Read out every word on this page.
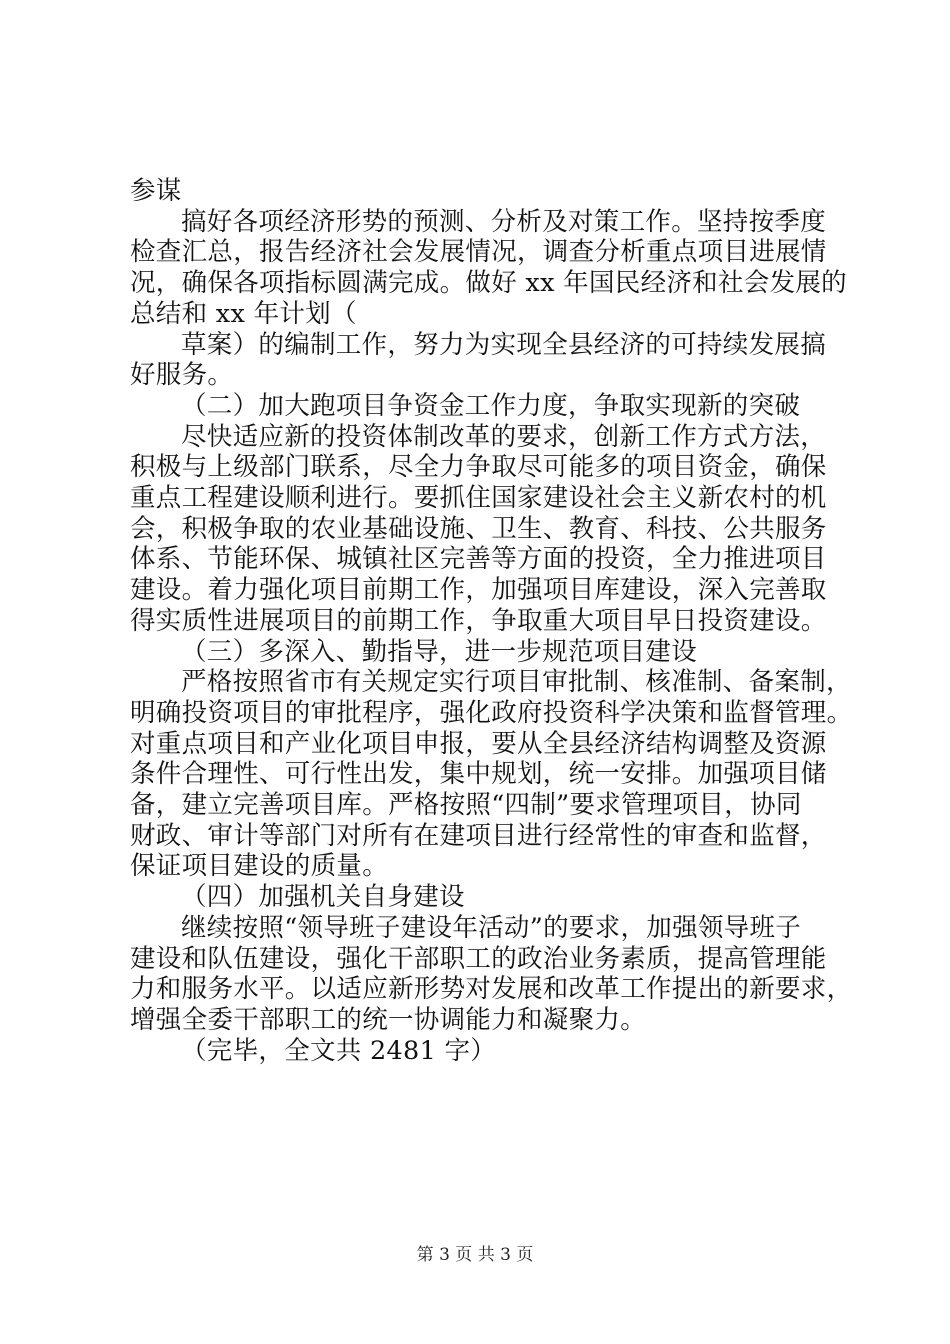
参谋
搞好各项经济形势的预测、分析及对策工作。坚持按季度
检查汇总，报告经济社会发展情况，调查分析重点项目进展情
况，确保各项指标圆满完成。做好 xx 年国民经济和社会发展的
总结和 xx 年计划（
草案）的编制工作，努力为实现全县经济的可持续发展搞
好服务。
（二）加大跑项目争资金工作力度，争取实现新的突破
尽快适应新的投资体制改革的要求，创新工作方式方法，
积极与上级部门联系，尽全力争取尽可能多的项目资金，确保
重点工程建设顺利进行。要抓住国家建设社会主义新农村的机
会，积极争取的农业基础设施、卫生、教育、科技、公共服务
体系、节能环保、城镇社区完善等方面的投资，全力推进项目
建设。着力强化项目前期工作，加强项目库建设，深入完善取
得实质性进展项目的前期工作，争取重大项目早日投资建设。
（三）多深入、勤指导，进一步规范项目建设
严格按照省市有关规定实行项目审批制、核准制、备案制，
明确投资项目的审批程序，强化政府投资科学决策和监督管理。
对重点项目和产业化项目申报，要从全县经济结构调整及资源
条件合理性、可行性出发，集中规划，统一安排。加强项目储
备，建立完善项目库。严格按照“四制”要求管理项目，协同
财政、审计等部门对所有在建项目进行经常性的审查和监督，
保证项目建设的质量。
（四）加强机关自身建设
继续按照“领导班子建设年活动”的要求，加强领导班子
建设和队伍建设，强化干部职工的政治业务素质，提高管理能
力和服务水平。以适应新形势对发展和改革工作提出的新要求，
增强全委干部职工的统一协调能力和凝聚力。
（完毕，全文共 2481 字）
第 3 页 共 3 页
